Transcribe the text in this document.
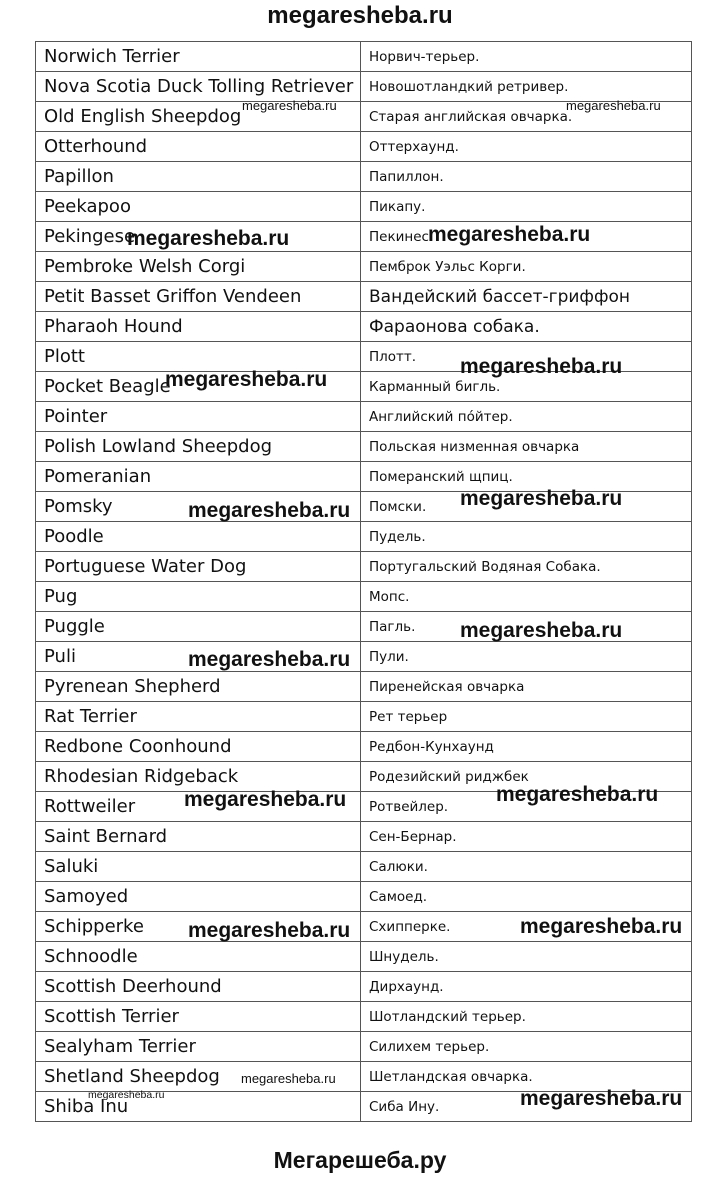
megaresheba.ru
Norwich Terrier	Норвич-терьер.
Nova Scotia Duck Tolling Retriever	Новошотландкий ретривер.
Old English Sheepdog	Старая английская овчарка.
Otterhound	Оттерхаунд.
Papillon	Папиллон.
Peekapoo	Пикапу.
Pekingese	Пекинес.
Pembroke Welsh Corgi	Пемброк Уэльс Корги.
Petit Basset Griffon Vendeen	Вандейский бассет-гриффон
Pharaoh Hound	Фараонова собака.
Plott	Плотт.
Pocket Beagle	Карманный бигль.
Pointer	Английский по́йтер.
Polish Lowland Sheepdog	Польская низменная овчарка
Pomeranian	Померанский щпиц.
Pomsky	Помски.
Poodle	Пудель.
Portuguese Water Dog	Португальский Водяная Собака.
Pug	Мопс.
Puggle	Пагль.
Puli	Пули.
Pyrenean Shepherd	Пиренейская овчарка
Rat Terrier	Рет терьер
Redbone Coonhound	Редбон-Кунхаунд
Rhodesian Ridgeback	Родезийский риджбек
Rottweiler	Ротвейлер.
Saint Bernard	Сен-Бернар.
Saluki	Салюки.
Samoyed	Самоед.
Schipperke	Схипперке.
Schnoodle	Шнудель.
Scottish Deerhound	Дирхаунд.
Scottish Terrier	Шотландский терьер.
Sealyham Terrier	Силихем терьер.
Shetland Sheepdog	Шетландская овчарка.
Shiba Inu	Сиба Ину.
megaresheba.ru	megaresheba.ru
megaresheba.ru	megaresheba.ru
megaresheba.ru
megaresheba.ru
megaresheba.ru
megaresheba.ru
megaresheba.ru
megaresheba.ru
megaresheba.ru	megaresheba.ru
megaresheba.ru	megaresheba.ru
megaresheba.ru
megaresheba.ru	megaresheba.ru
Мегарешеба.ру
